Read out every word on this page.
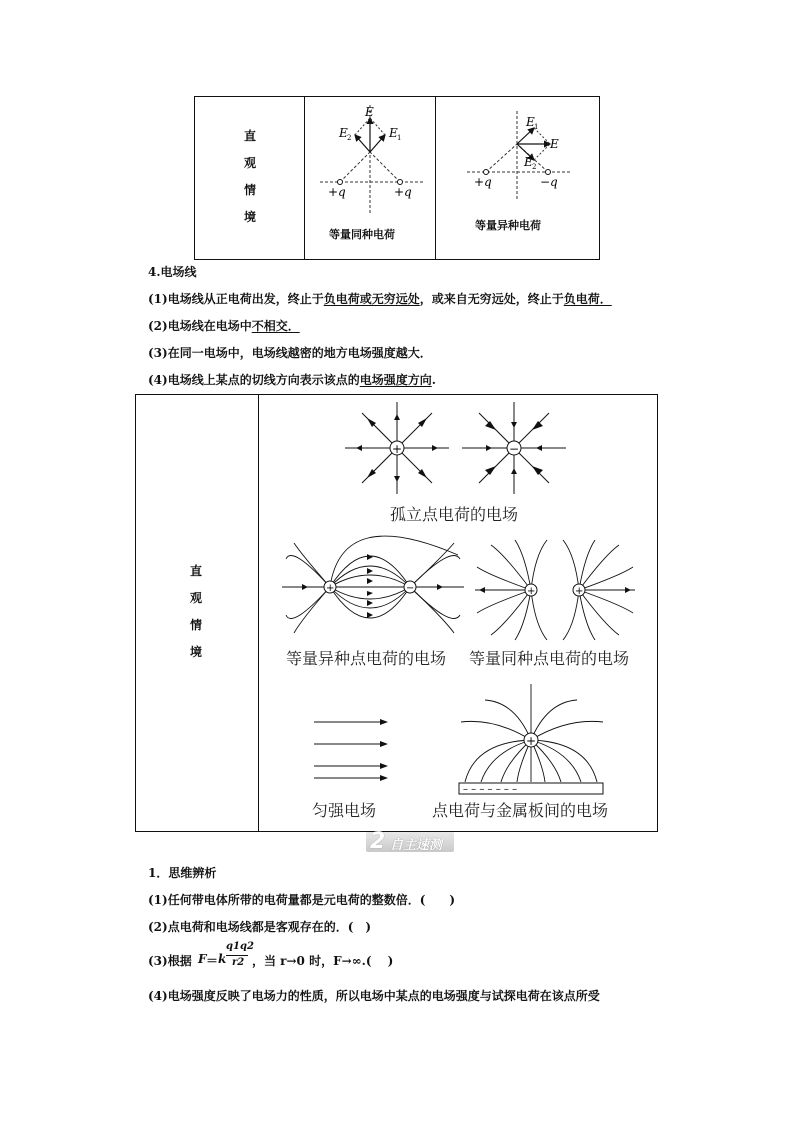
直
观
情
境
E
E 2	E 1
+q	+q
等量同种电荷
E 1
E
E 2
+q	−q
等量异种电荷
4.电场线
(1)电场线从正电荷出发，终止于负电荷或无穷远处，或来自无穷远处，终止于负电荷．
(2)电场线在电场中不相交．
(3)在同一电场中，电场线越密的地方电场强度越大．
(4)电场线上某点的切线方向表示该点的电场强度方向.
直
观
情
境
+	−
孤立点电荷的电场
+	−
等量异种点电荷的电场
+	+
等量同种点电荷的电场
匀强电场
– – – – – – –
+
点电荷与金属板间的电场
2 自主速测
1．思维辨析
(1)任何带电体所带的电荷量都是元电荷的整数倍．(　　)
(2)点电荷和电场线都是客观存在的．(　)
(3)根据 F ＝ k
q1q2
r2 ，当 r→0 时，F→∞.(　 )
(4)电场强度反映了电场力的性质，所以电场中某点的电场强度与试探电荷在该点所受
